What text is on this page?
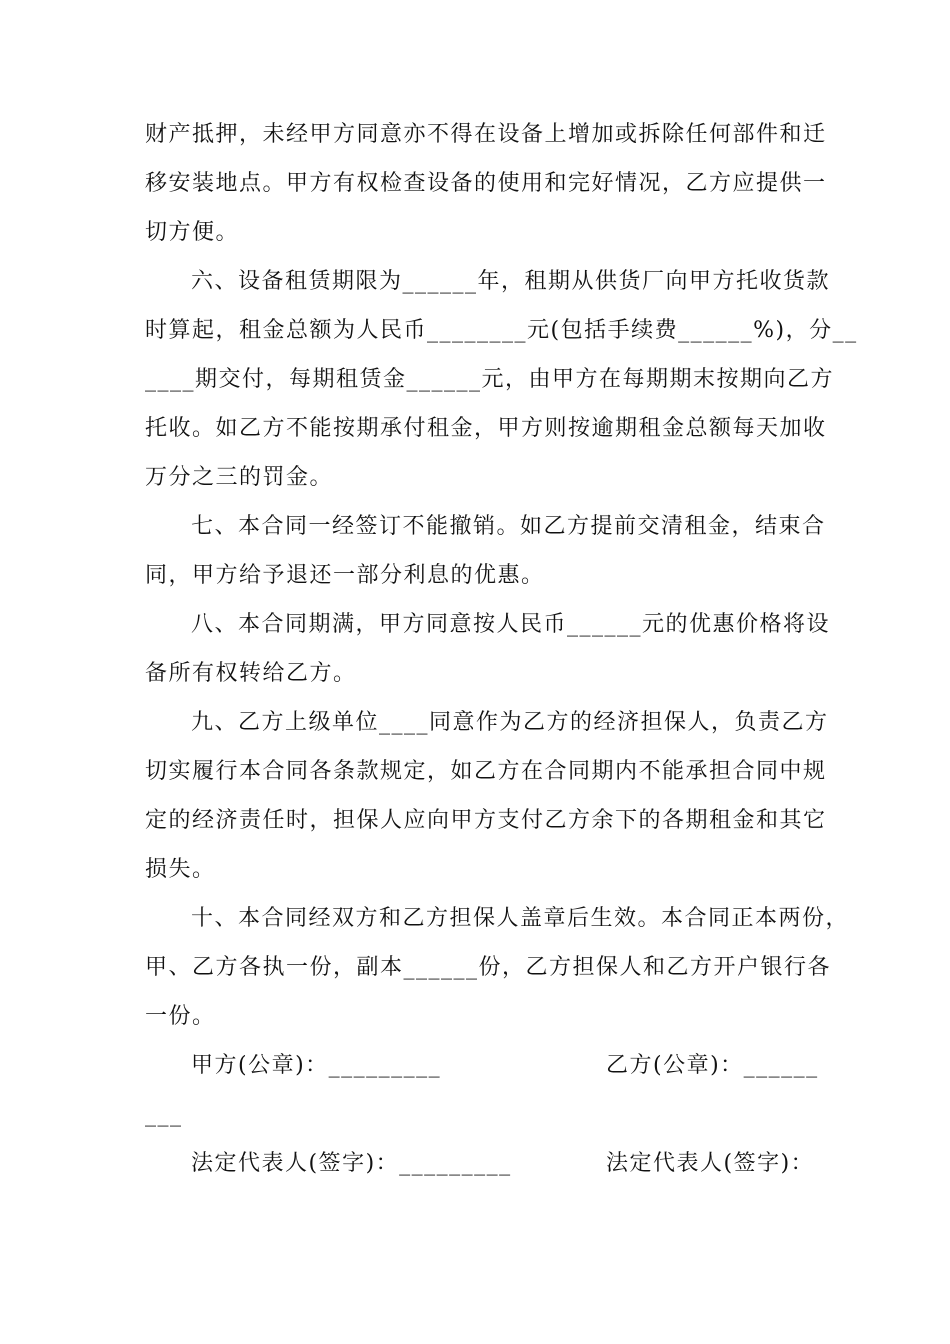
财产抵押，未经甲方同意亦不得在设备上增加或拆除任何部件和迁
移安装地点。甲方有权检查设备的使用和完好情况，乙方应提供一
切方便。
六、设备租赁期限为______年，租期从供货厂向甲方托收货款
时算起，租金总额为人民币________元(包括手续费______%)，分__
____期交付，每期租赁金______元，由甲方在每期期末按期向乙方
托收。如乙方不能按期承付租金，甲方则按逾期租金总额每天加收
万分之三的罚金。
七、本合同一经签订不能撤销。如乙方提前交清租金，结束合
同，甲方给予退还一部分利息的优惠。
八、本合同期满，甲方同意按人民币______元的优惠价格将设
备所有权转给乙方。
九、乙方上级单位____同意作为乙方的经济担保人，负责乙方
切实履行本合同各条款规定，如乙方在合同期内不能承担合同中规
定的经济责任时，担保人应向甲方支付乙方余下的各期租金和其它
损失。
十、本合同经双方和乙方担保人盖章后生效。本合同正本两份，
甲、乙方各执一份，副本______份，乙方担保人和乙方开户银行各
一份。
甲方(公章)：_________	乙方(公章)：______
___
法定代表人(签字)：_________	法定代表人(签字)：
